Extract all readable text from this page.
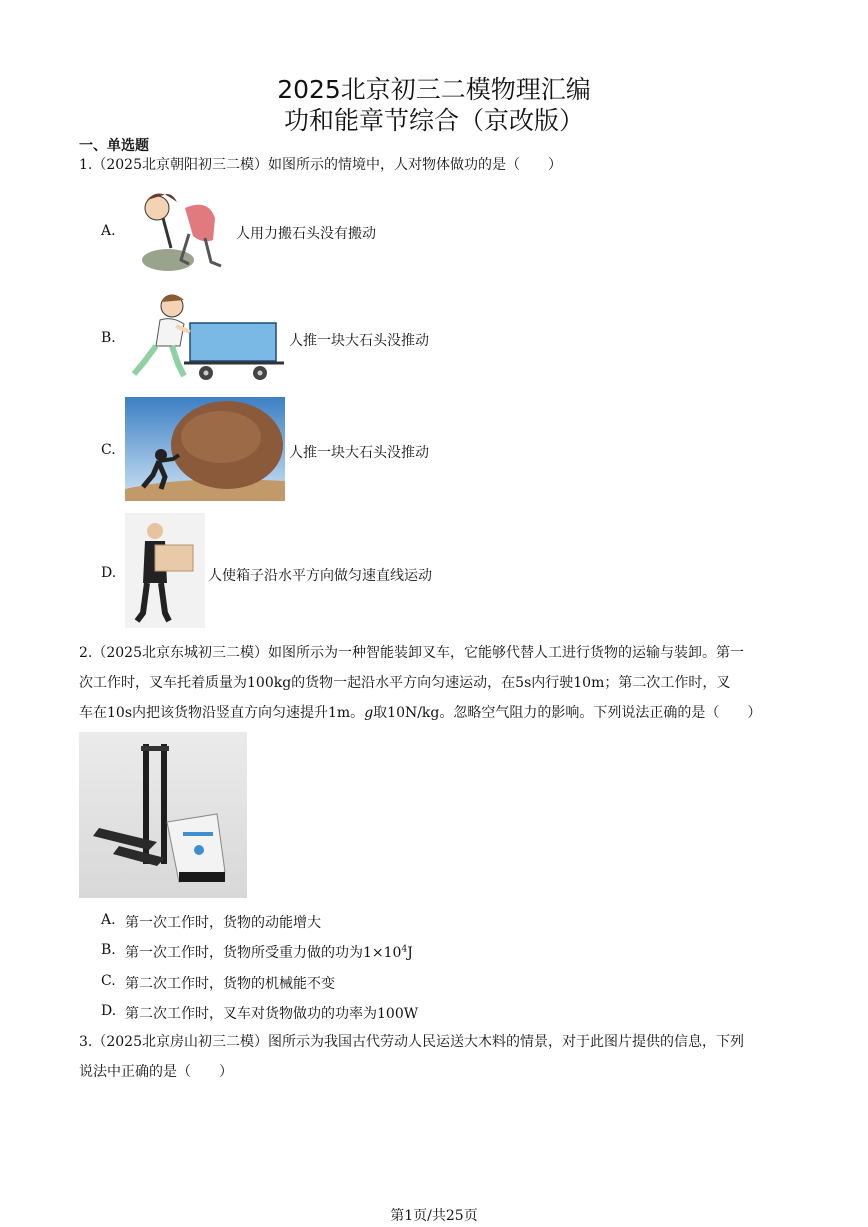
2025北京初三二模物理汇编
功和能章节综合（京改版）
一、单选题
1.（2025北京朝阳初三二模）如图所示的情境中，人对物体做功的是（　　）
A.	人用力搬石头没有搬动
B.	人推一块大石头没推动
C.	人推一块大石头没推动
D.	人使箱子沿水平方向做匀速直线运动
2.（2025北京东城初三二模）如图所示为一种智能装卸叉车，它能够代替人工进行货物的运输与装卸。第一
次工作时，叉车托着质量为100kg的货物一起沿水平方向匀速运动，在5s内行驶10m；第二次工作时，叉
车在10s内把该货物沿竖直方向匀速提升1m。g取10N/kg。忽略空气阻力的影响。下列说法正确的是（　　）
A. 第一次工作时，货物的动能增大
B. 第一次工作时，货物所受重力做的功为$1\times 10^4J$
C. 第二次工作时，货物的机械能不变
D. 第二次工作时，叉车对货物做功的功率为100W
3.（2025北京房山初三二模）图所示为我国古代劳动人民运送大木料的情景，对于此图片提供的信息，下列
说法中正确的是（　　）
第1页/共25页
